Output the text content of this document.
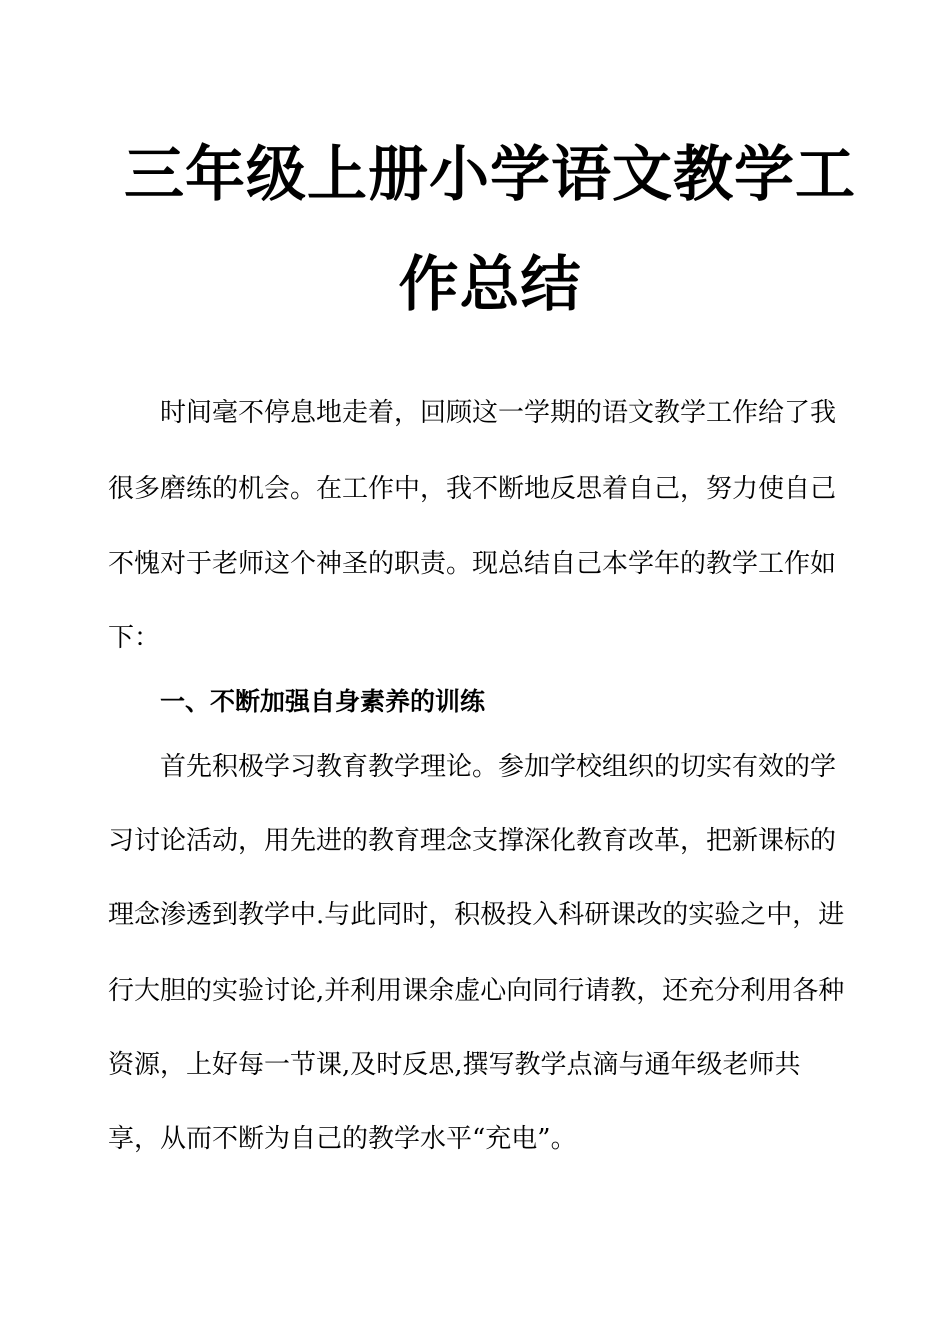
三年级上册小学语文教学工
作总结
时间毫不停息地走着，回顾这一学期的语文教学工作给了我
很多磨练的机会。在工作中，我不断地反思着自己，努力使自己
不愧对于老师这个神圣的职责。现总结自己本学年的教学工作如
下：
一、不断加强自身素养的训练
首先积极学习教育教学理论。参加学校组织的切实有效的学
习讨论活动，用先进的教育理念支撑深化教育改革，把新课标的
理念渗透到教学中.与此同时，积极投入科研课改的实验之中，进
行大胆的实验讨论,并利用课余虚心向同行请教，还充分利用各种
资源，上好每一节课,及时反思,撰写教学点滴与通年级老师共
享，从而不断为自己的教学水平“充电”。
